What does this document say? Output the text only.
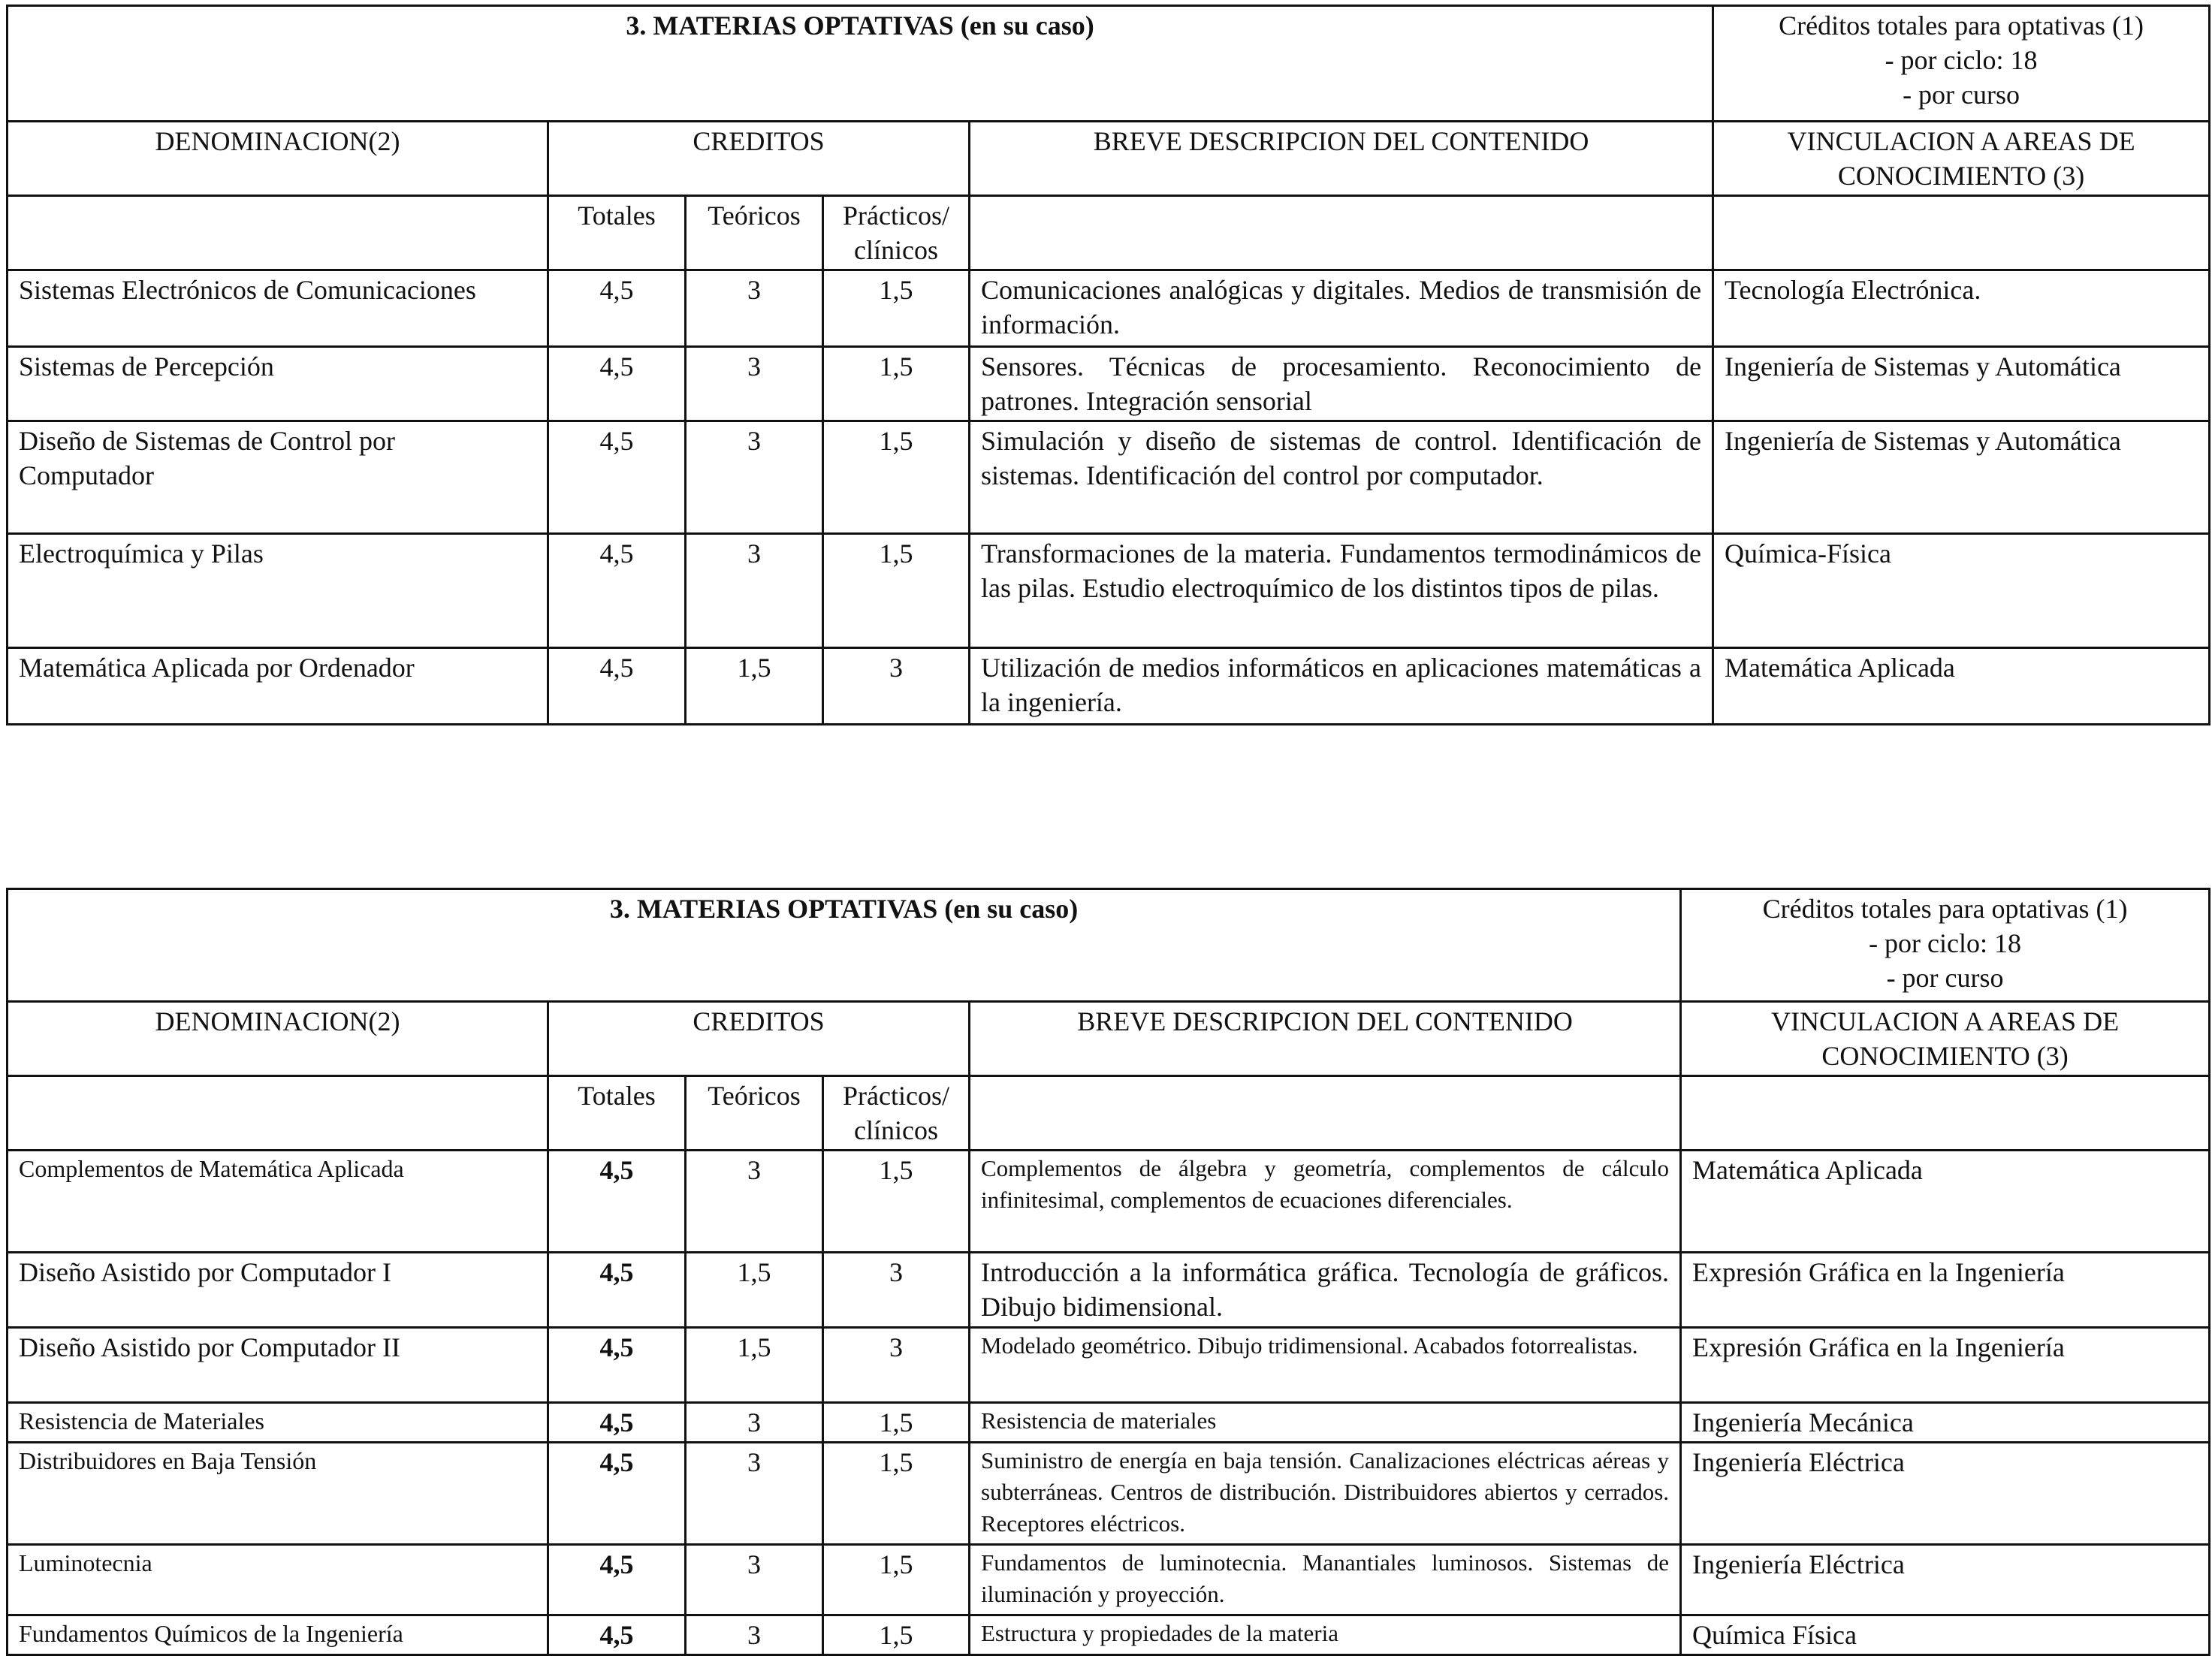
3. MATERIAS OPTATIVAS (en su caso)					Créditos totales para optativas (1)
- por ciclo: 18
- por curso

DENOMINACION(2)	CREDITOS			BREVE DESCRIPCION DEL CONTENIDO	VINCULACION A AREAS DE CONOCIMIENTO (3)
	Totales	Teóricos	Prácticos/ clínicos		
Sistemas Electrónicos de Comunicaciones	4,5	3	1,5	Comunicaciones analógicas y digitales. Medios de transmisión de información.	Tecnología Electrónica.
Sistemas de Percepción	4,5	3	1,5	Sensores. Técnicas de procesamiento. Reconocimiento de patrones. Integración sensorial	Ingeniería de Sistemas y Automática
Diseño de Sistemas de Control por Computador	4,5	3	1,5	Simulación y diseño de sistemas de control. Identificación de sistemas. Identificación del control por computador.	Ingeniería de Sistemas y Automática
Electroquímica y Pilas	4,5	3	1,5	Transformaciones de la materia. Fundamentos termodinámicos de las pilas. Estudio electroquímico de los distintos tipos de pilas.	Química-Física
Matemática Aplicada por Ordenador	4,5	1,5	3	Utilización de medios informáticos en aplicaciones matemáticas a la ingeniería.	Matemática Aplicada
3. MATERIAS OPTATIVAS (en su caso)					Créditos totales para optativas (1)
- por ciclo: 18
- por curso

DENOMINACION(2)	CREDITOS			BREVE DESCRIPCION DEL CONTENIDO	VINCULACION A AREAS DE CONOCIMIENTO (3)
	Totales	Teóricos	Prácticos/ clínicos		
Complementos de Matemática Aplicada	4,5	3	1,5	Complementos de álgebra y geometría, complementos de cálculo infinitesimal, complementos de ecuaciones diferenciales.	Matemática Aplicada
Diseño Asistido por Computador I	4,5	1,5	3	Introducción a la informática gráfica. Tecnología de gráficos. Dibujo bidimensional.	Expresión Gráfica en la Ingeniería
Diseño Asistido por Computador II	4,5	1,5	3	Modelado geométrico. Dibujo tridimensional. Acabados fotorrealistas.	Expresión Gráfica en la Ingeniería
Resistencia de Materiales	4,5	3	1,5	Resistencia de materiales	Ingeniería Mecánica
Distribuidores en Baja Tensión	4,5	3	1,5	Suministro de energía en baja tensión. Canalizaciones eléctricas aéreas y subterráneas. Centros de distribución. Distribuidores abiertos y cerrados. Receptores eléctricos.	Ingeniería Eléctrica
Luminotecnia	4,5	3	1,5	Fundamentos de luminotecnia. Manantiales luminosos. Sistemas de iluminación y proyección.	Ingeniería Eléctrica
Fundamentos Químicos de la Ingeniería	4,5	3	1,5	Estructura y propiedades de la materia	Química Física
